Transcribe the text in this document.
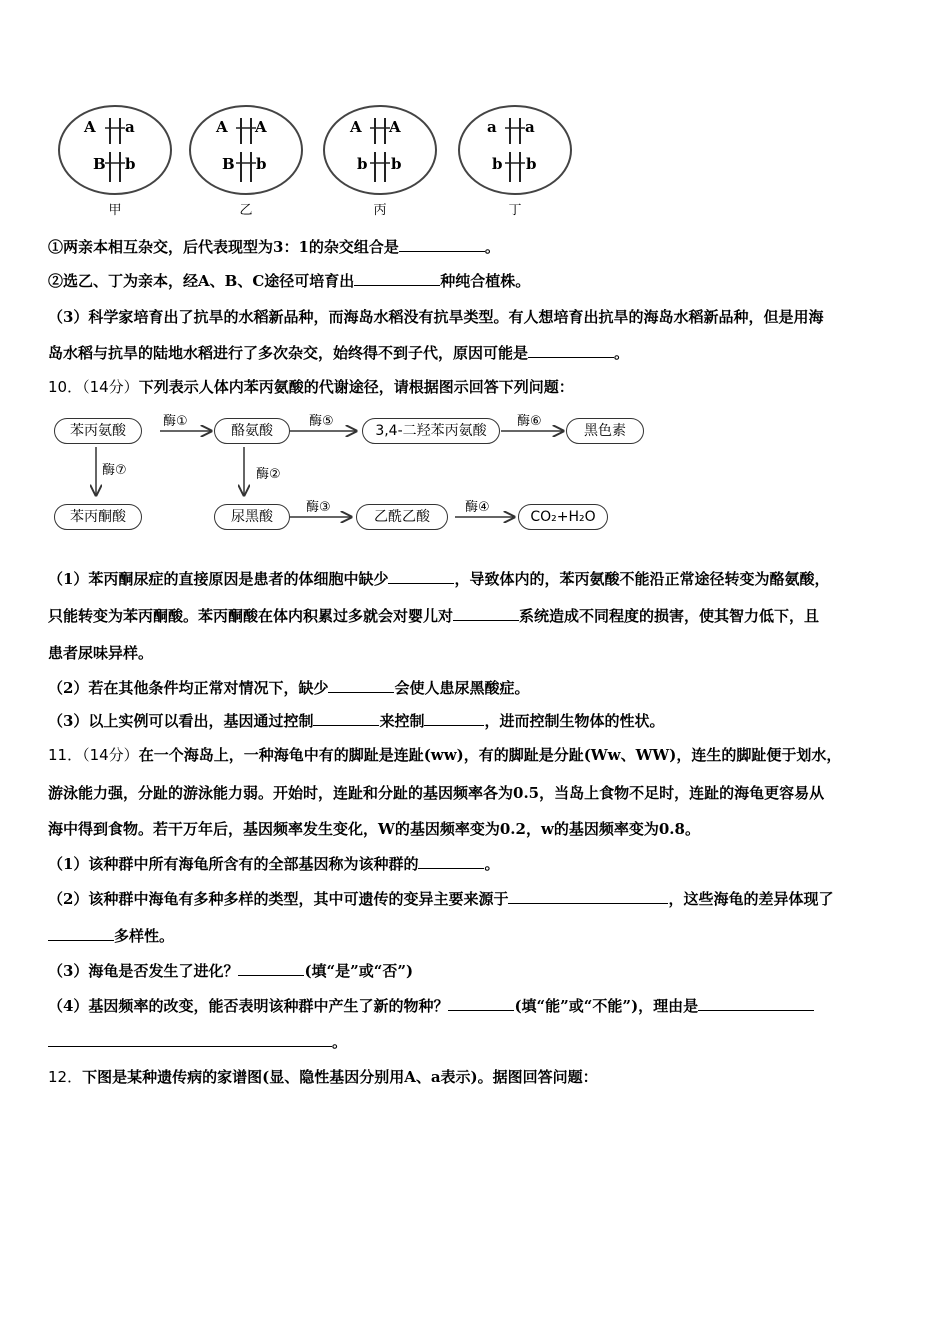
A a
B b
A A
B b
A A
b b
a a
b b
甲	乙	丙	丁
①两亲本相互杂交，后代表现型为3：1的杂交组合是	。
②选乙、丁为亲本，经A、B、C途径可培育出	种纯合植株。
（3）科学家培育出了抗旱的水稻新品种，而海岛水稻没有抗旱类型。有人想培育出抗旱的海岛水稻新品种，但是用海
岛水稻与抗旱的陆地水稻进行了多次杂交，始终得不到子代，原因可能是	。
10．（14分）下列表示人体内苯丙氨酸的代谢途径，请根据图示回答下列问题：
苯丙氨酸	酪氨酸	3,4-二羟苯丙氨酸	黑色素
苯丙酮酸	尿黑酸	乙酰乙酸	CO₂+H₂O
酶①	酶⑤	酶⑥
酶⑦	酶②
酶③	酶④
（1）苯丙酮尿症的直接原因是患者的体细胞中缺少	，导致体内的，苯丙氨酸不能沿正常途径转变为酪氨酸，
只能转变为苯丙酮酸。苯丙酮酸在体内积累过多就会对婴儿对	系统造成不同程度的损害，使其智力低下，且
患者尿味异样。
（2）若在其他条件均正常对情况下，缺少	会使人患尿黑酸症。
（3）以上实例可以看出，基因通过控制	来控制	，进而控制生物体的性状。
11．（14分）在一个海岛上，一种海龟中有的脚趾是连趾(ww)，有的脚趾是分趾(Ww、WW)，连生的脚趾便于划水，
游泳能力强，分趾的游泳能力弱。开始时，连趾和分趾的基因频率各为0.5，当岛上食物不足时，连趾的海龟更容易从
海中得到食物。若干万年后，基因频率发生变化，W的基因频率变为0.2，w的基因频率变为0.8。
（1）该种群中所有海龟所含有的全部基因称为该种群的	。
（2）该种群中海龟有多种多样的类型，其中可遗传的变异主要来源于	，这些海龟的差异体现了
多样性。
（3）海龟是否发生了进化？	(填“是”或“否”)
（4）基因频率的改变，能否表明该种群中产生了新的物种？	(填“能”或“不能”)，理由是
。
12．下图是某种遗传病的家谱图(显、隐性基因分别用A、a表示)。据图回答问题：
